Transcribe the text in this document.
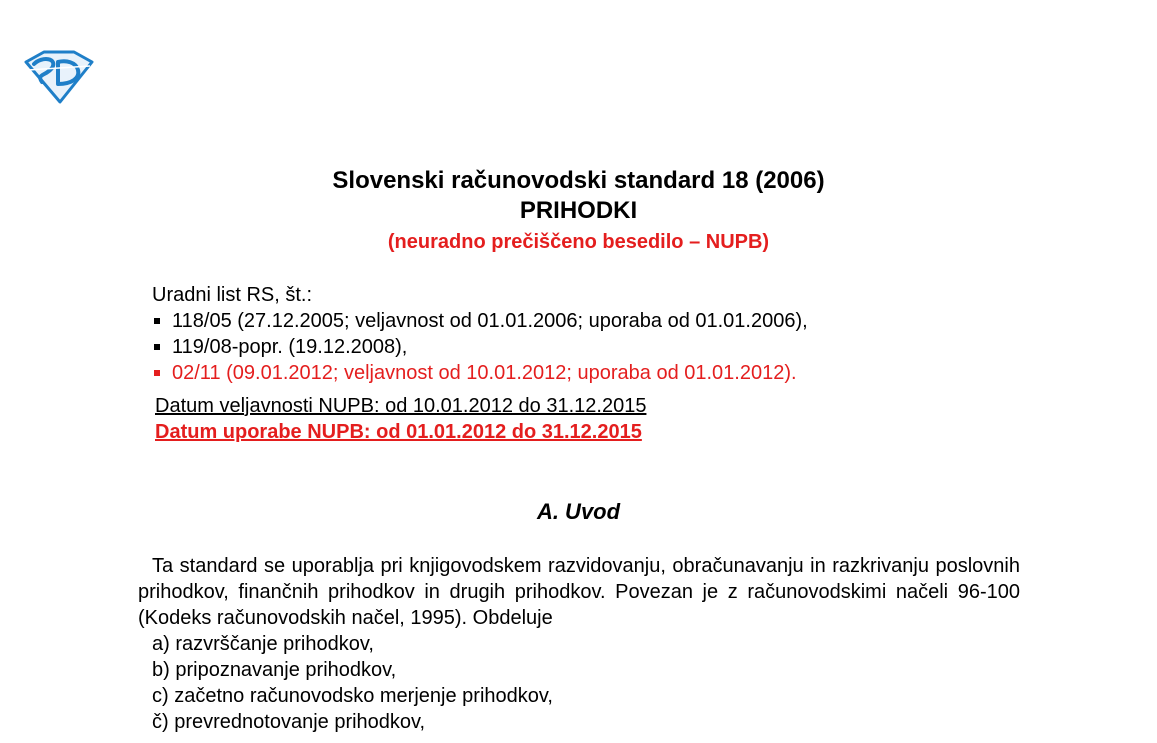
Slovenski računovodski standard 18 (2006)
PRIHODKI
(neuradno prečiščeno besedilo – NUPB)
Uradni list RS, št.:
118/05 (27.12.2005; veljavnost od 01.01.2006; uporaba od 01.01.2006),
119/08-popr. (19.12.2008),
02/11 (09.01.2012; veljavnost od 10.01.2012; uporaba od 01.01.2012).
Datum veljavnosti NUPB: od 10.01.2012 do 31.12.2015
Datum uporabe NUPB: od 01.01.2012 do 31.12.2015
A. Uvod

Ta standard se uporablja pri knjigovodskem razvidovanju, obračunavanju in razkrivanju poslovnih prihodkov, finančnih prihodkov in drugih prihodkov. Povezan je z računovodskimi načeli 96-100 (Kodeks računovodskih načel, 1995). Obdeluje

a) razvrščanje prihodkov,
b) pripoznavanje prihodkov,
c) začetno računovodsko merjenje prihodkov,
č) prevrednotovanje prihodkov,
